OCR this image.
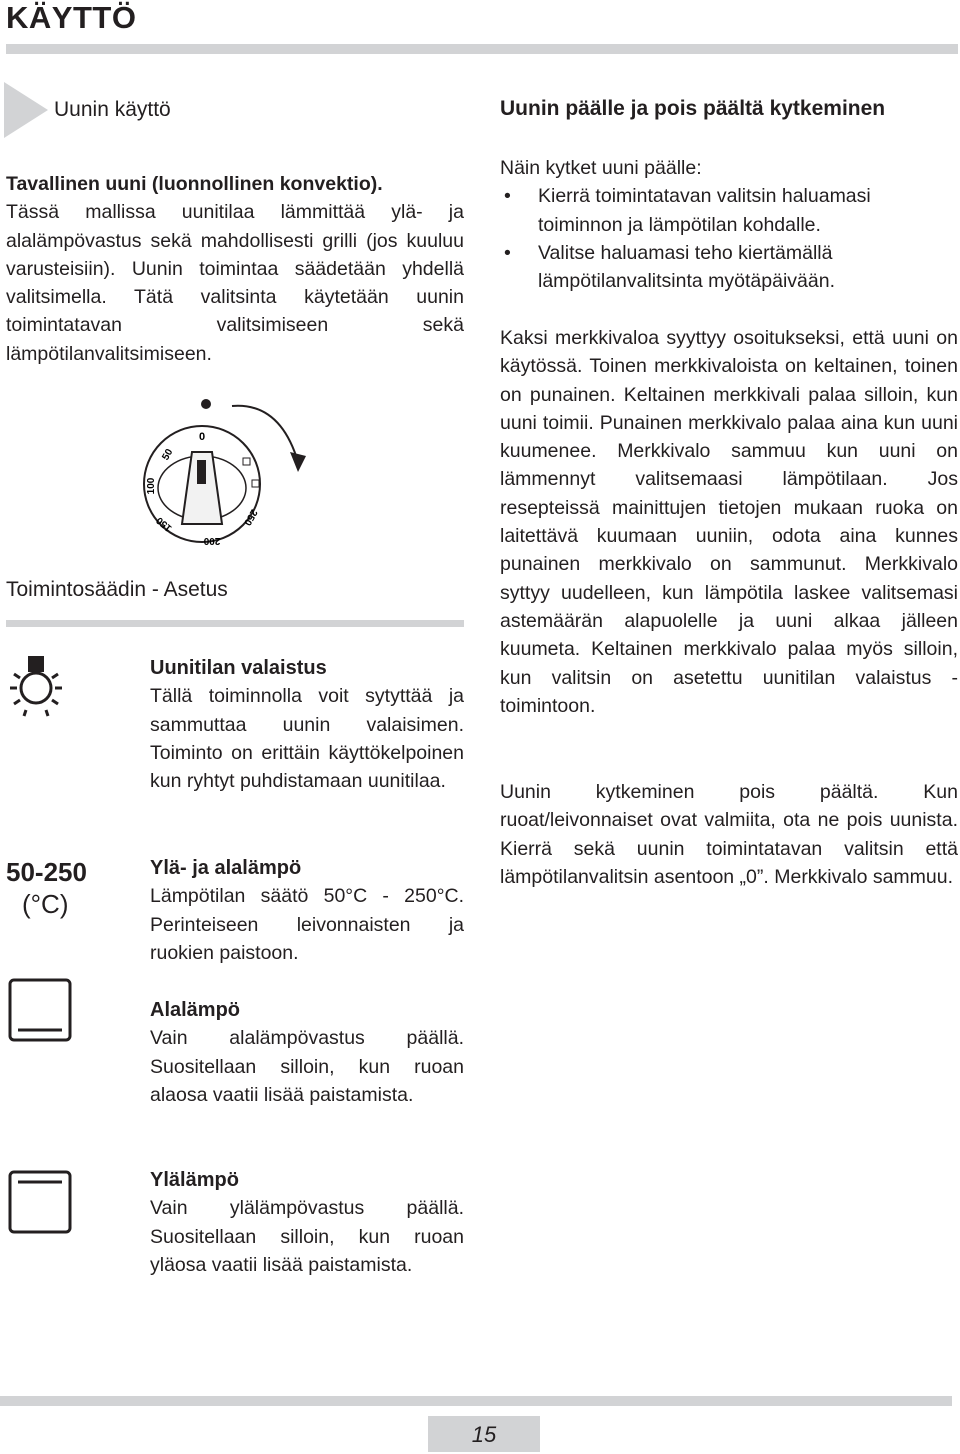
KÄYTTÖ
Uunin käyttö
Tavallinen uuni (luonnollinen konvektio).
Tässä mallissa uunitilaa lämmittää ylä- ja alalämpövastus sekä mahdollisesti grilli (jos kuuluu varusteisiin). Uunin toimintaa säädetään yhdellä valitsimella. Tätä valitsinta käytetään uunin toimintatavan valitsimiseen sekä lämpötilanvalitsimiseen.
0
50
100
150
200
250
Toimintosäädin - Asetus
Uunitilan valaistus
Tällä toiminnolla voit sytyttää ja sammuttaa uunin valaisimen. Toiminto on erittäin käyttökelpoinen kun ryhtyt puhdistamaan uunitilaa.
50-250
(°C)
Ylä- ja alalämpö
Lämpötilan säätö 50°C - 250°C. Perinteiseen leivonnaisten ja ruokien paistoon.
Alalämpö
Vain alalämpövastus päällä. Suositellaan silloin, kun ruoan alaosa vaatii lisää paistamista.
Ylälämpö
Vain ylälämpövastus päällä. Suositellaan silloin, kun ruoan yläosa vaatii lisää paistamista.
Uunin päälle ja pois päältä kytkeminen
Näin kytket uuni päälle:
• Kierrä toimintatavan valitsin haluamasi toiminnon ja lämpötilan kohdalle.
• Valitse haluamasi teho kiertämällä lämpötilanvalitsinta myötäpäivään.
Kaksi merkkivaloa syyttyy osoitukseksi, että uuni on käytössä. Toinen merkkivaloista on keltainen, toinen on punainen. Keltainen merkkivali palaa silloin, kun uuni toimii. Punainen merkkivalo palaa aina kun uuni kuumenee. Merkkivalo sammuu kun uuni on lämmennyt valitsemaasi lämpötilaan. Jos resepteissä mainittujen tietojen mukaan ruoka on laitettävä kuumaan uuniin, odota aina kunnes punainen merkkivalo on sammunut. Merkkivalo syttyy uudelleen, kun lämpötila laskee valitsemasi astemäärän alapuolelle ja uuni alkaa jälleen kuumeta. Keltainen merkkivalo palaa myös silloin, kun valitsin on asetettu uunitilan valaistus -toimintoon.
Uunin kytkeminen pois päältä. Kun ruoat/leivonnaiset ovat valmiita, ota ne pois uunista. Kierrä sekä uunin toimintatavan valitsin että lämpötilanvalitsin asentoon „0”. Merkkivalo sammuu.
15
